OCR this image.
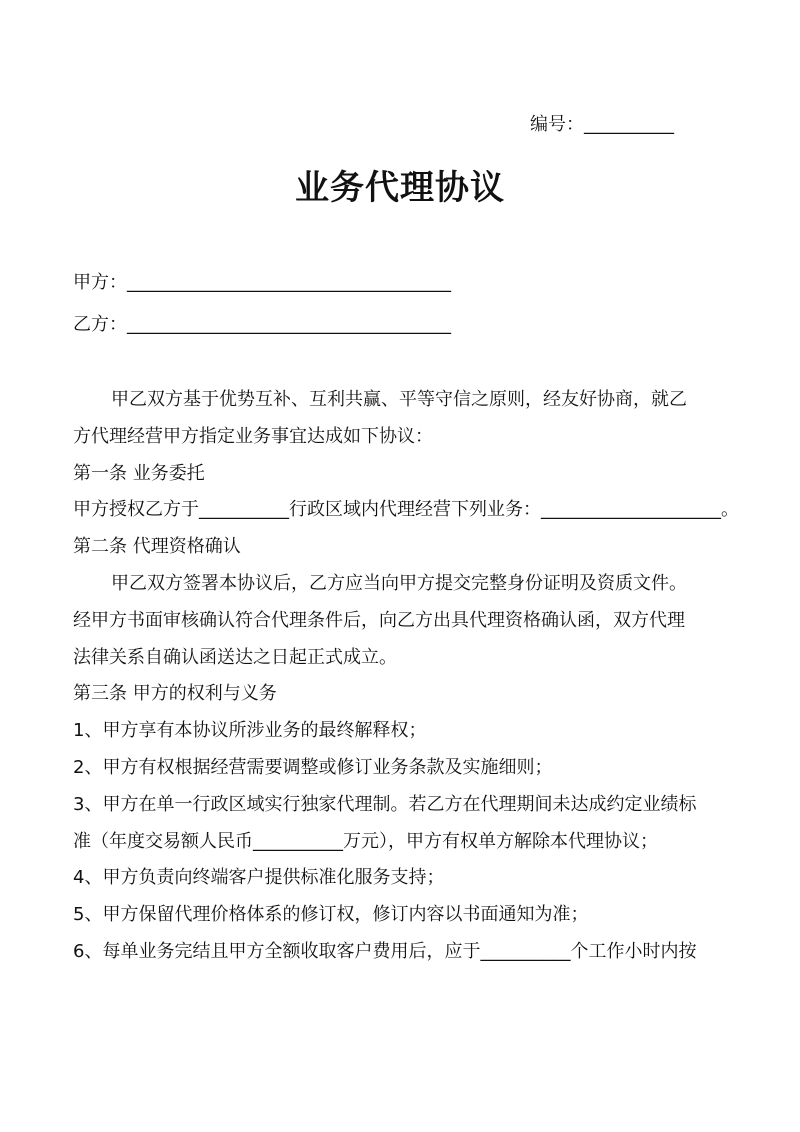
编号：__________
业务代理协议
甲方：____________________________________
乙方：____________________________________
甲乙双方基于优势互补、互利共赢、平等守信之原则，经友好协商，就乙
方代理经营甲方指定业务事宜达成如下协议：
第一条 业务委托
甲方授权乙方于__________行政区域内代理经营下列业务：____________________。
第二条 代理资格确认
甲乙双方签署本协议后，乙方应当向甲方提交完整身份证明及资质文件。
经甲方书面审核确认符合代理条件后，向乙方出具代理资格确认函，双方代理
法律关系自确认函送达之日起正式成立。
第三条 甲方的权利与义务
1、甲方享有本协议所涉业务的最终解释权；
2、甲方有权根据经营需要调整或修订业务条款及实施细则；
3、甲方在单一行政区域实行独家代理制。若乙方在代理期间未达成约定业绩标
准（年度交易额人民币__________万元），甲方有权单方解除本代理协议；
4、甲方负责向终端客户提供标准化服务支持；
5、甲方保留代理价格体系的修订权，修订内容以书面通知为准；
6、每单业务完结且甲方全额收取客户费用后，应于__________个工作小时内按
